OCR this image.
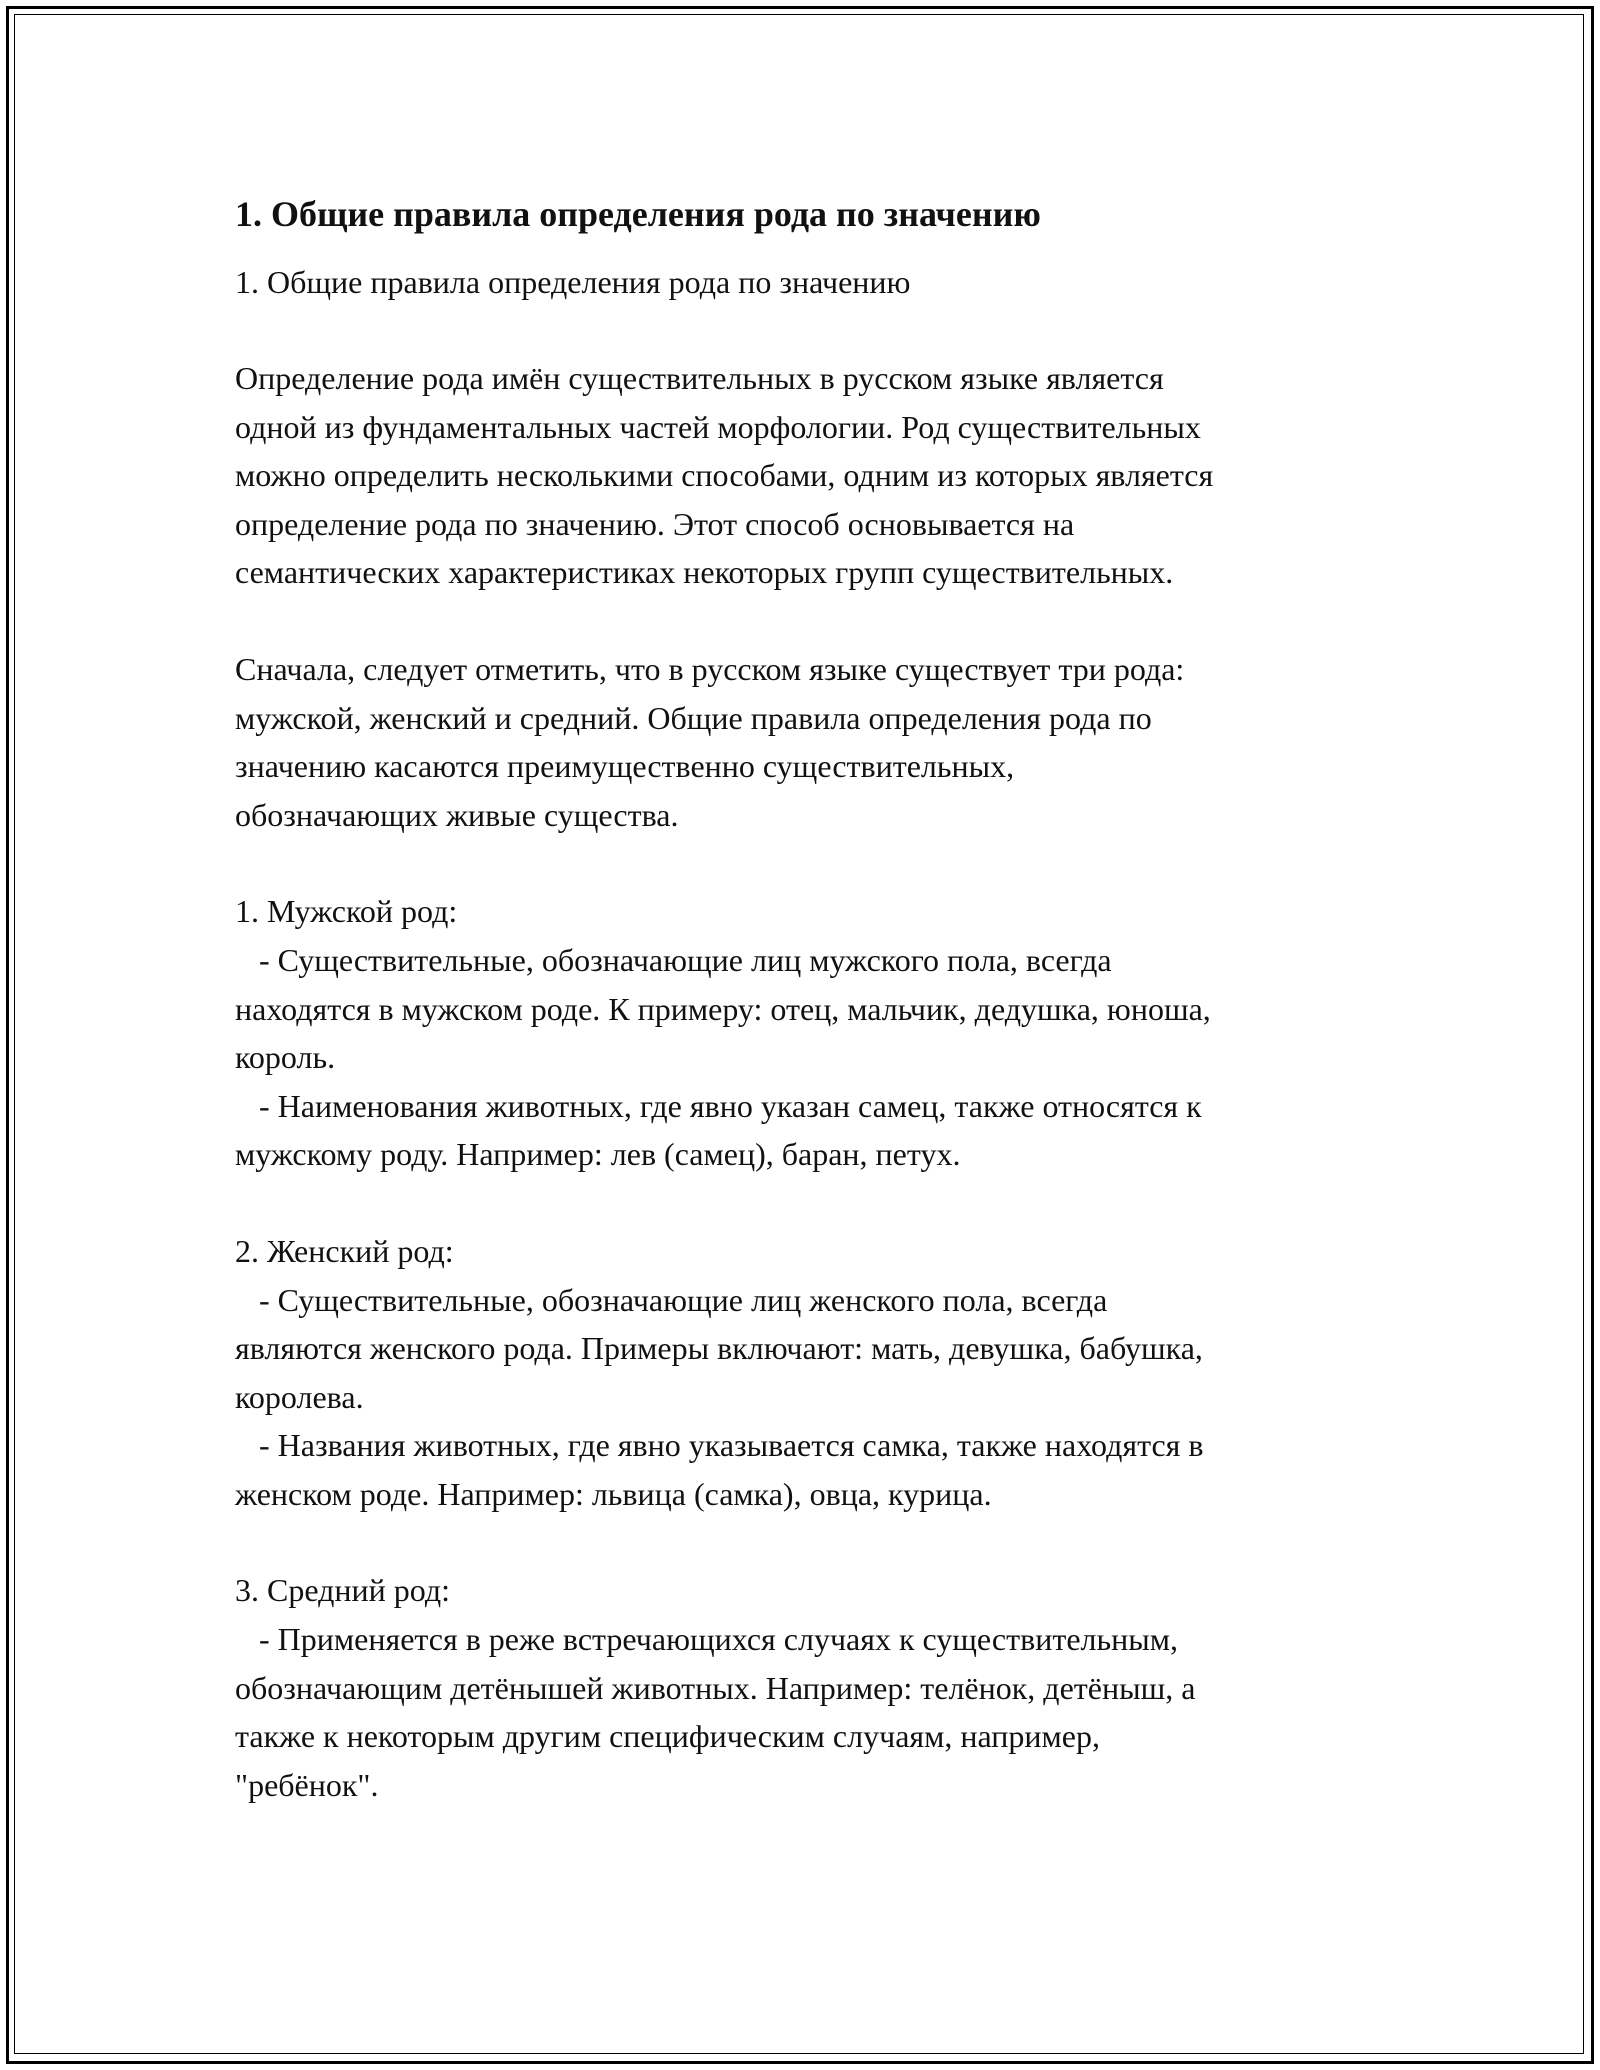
1. Общие правила определения рода по значению

1. Общие правила определения рода по значению

Определение рода имён существительных в русском языке является
одной из фундаментальных частей морфологии. Род существительных
можно определить несколькими способами, одним из которых является
определение рода по значению. Этот способ основывается на
семантических характеристиках некоторых групп существительных.

Сначала, следует отметить, что в русском языке существует три рода:
мужской, женский и средний. Общие правила определения рода по
значению касаются преимущественно существительных,
обозначающих живые существа.

1. Мужской род:
- Существительные, обозначающие лиц мужского пола, всегда
находятся в мужском роде. К примеру: отец, мальчик, дедушка, юноша,
король.
- Наименования животных, где явно указан самец, также относятся к
мужскому роду. Например: лев (самец), баран, петух.

2. Женский род:
- Существительные, обозначающие лиц женского пола, всегда
являются женского рода. Примеры включают: мать, девушка, бабушка,
королева.
- Названия животных, где явно указывается самка, также находятся в
женском роде. Например: львица (самка), овца, курица.

3. Средний род:
- Применяется в реже встречающихся случаях к существительным,
обозначающим детёнышей животных. Например: телёнок, детёныш, а
также к некоторым другим специфическим случаям, например,
"ребёнок".
